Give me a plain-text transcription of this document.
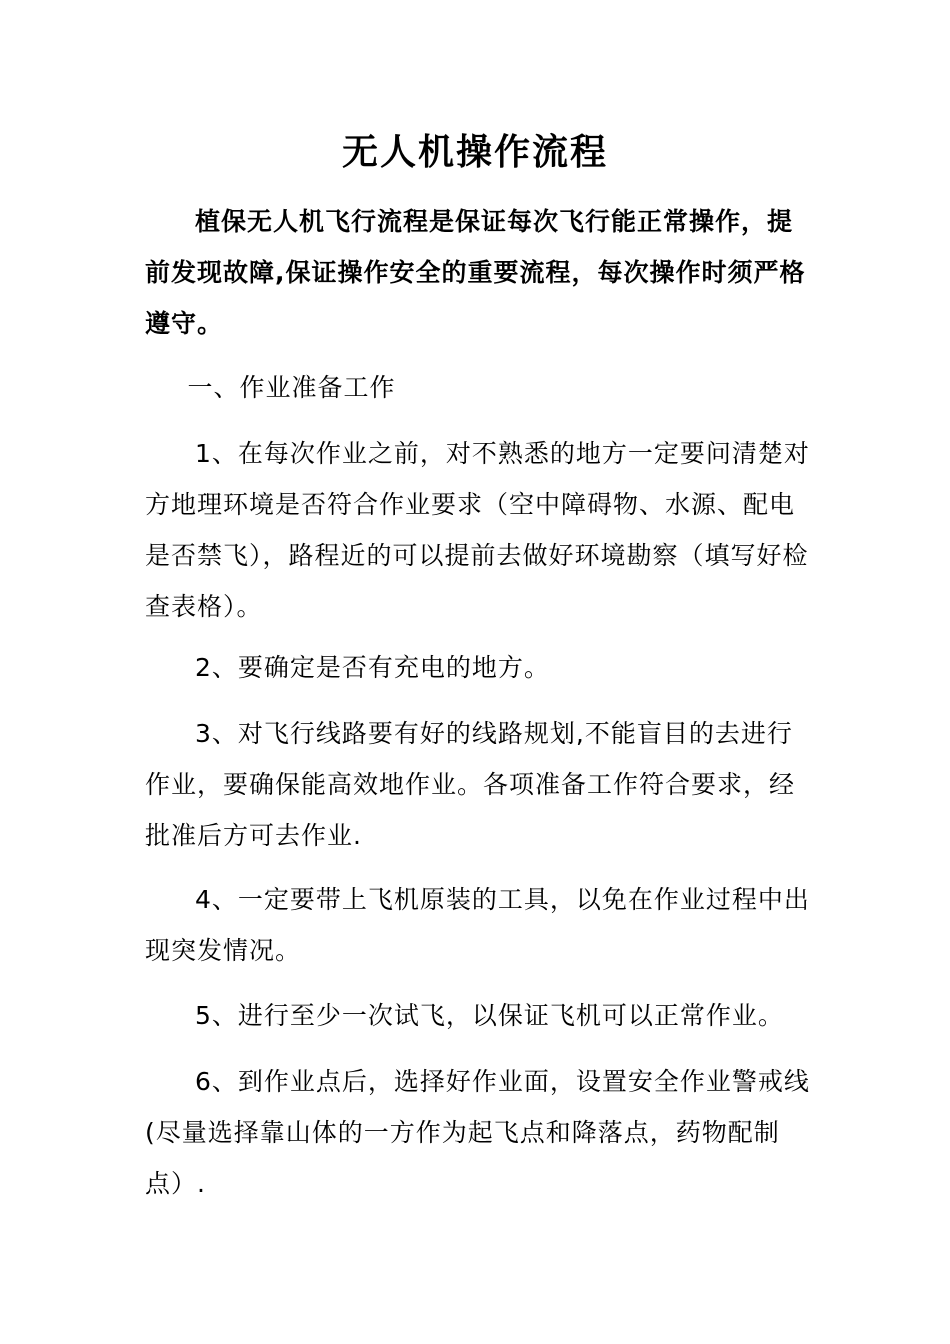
无人机操作流程

植保无人机飞行流程是保证每次飞行能正常操作，提前发现故障,保证操作安全的重要流程，每次操作时须严格遵守。

一、作业准备工作

1、在每次作业之前，对不熟悉的地方一定要问清楚对方地理环境是否符合作业要求（空中障碍物、水源、配电是否禁飞），路程近的可以提前去做好环境勘察（填写好检查表格）。

2、要确定是否有充电的地方。

3、对飞行线路要有好的线路规划,不能盲目的去进行作业，要确保能高效地作业。各项准备工作符合要求，经批准后方可去作业.

4、一定要带上飞机原装的工具，以免在作业过程中出现突发情况。

5、进行至少一次试飞，以保证飞机可以正常作业。

6、到作业点后，选择好作业面，设置安全作业警戒线(尽量选择靠山体的一方作为起飞点和降落点，药物配制点）.
